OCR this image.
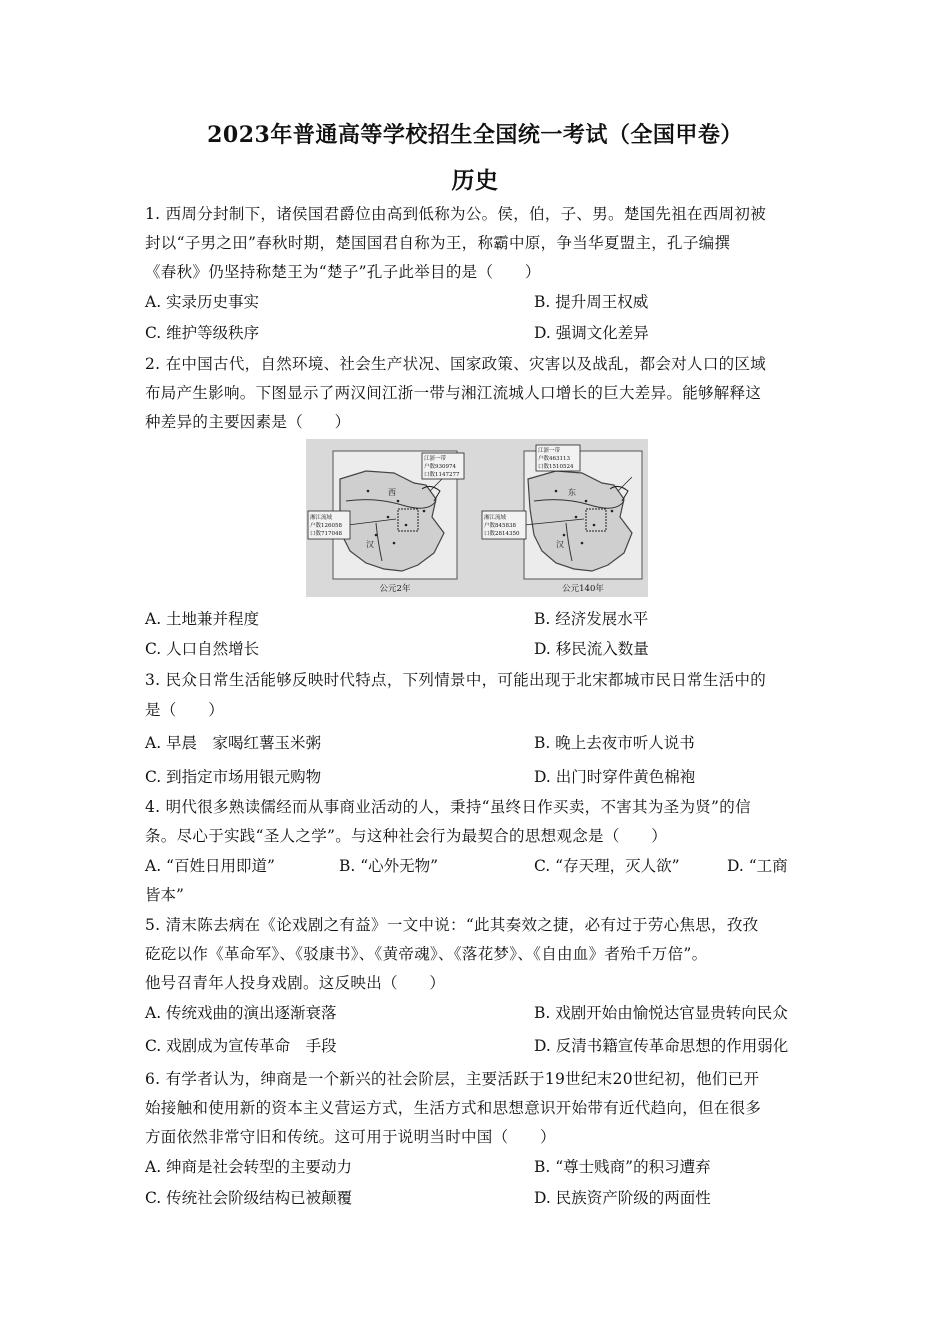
2023年普通高等学校招生全国统一考试（全国甲卷）
历史
1. 西周分封制下，诸侯国君爵位由高到低称为公。侯，伯，子、男。楚国先祖在西周初被
封以“子男之田”春秋时期，楚国国君自称为王，称霸中原，争当华夏盟主，孔子编撰
《春秋》仍坚持称楚王为“楚子”孔子此举目的是（　　）
A. 实录历史事实	B. 提升周王权威
C. 维护等级秩序	D. 强调文化差异
2. 在中国古代，自然环境、社会生产状况、国家政策、灾害以及战乱，都会对人口的区域
布局产生影响。下图显示了两汉间江浙一带与湘江流城人口增长的巨大差异。能够解释这
种差异的主要因素是（　　）
西
汉
江浙一带
户数930974
口数1147277
湘江流域
户数126058
口数717048
公元2年
东
汉
江浙一带
户数463113
口数1510524
湘江流域
户数845838
口数2814350
公元140年
A. 土地兼并程度	B. 经济发展水平
C. 人口自然增长	D. 移民流入数量
3. 民众日常生活能够反映时代特点，下列情景中，可能出现于北宋都城市民日常生活中的
是（　　）
A. 早晨　家喝红薯玉米粥	B. 晚上去夜市听人说书
C. 到指定市场用银元购物	D. 出门时穿件黄色棉袍
4. 明代很多熟读儒经而从事商业活动的人，秉持“虽终日作买卖，不害其为圣为贤”的信
条。尽心于实践“圣人之学”。与这种社会行为最契合的思想观念是（　　）
A. “百姓日用即道”	B. “心外无物”	C. “存天理，灭人欲”	D. “工商
皆本”
5. 清末陈去病在《论戏剧之有益》一文中说：“此其奏效之捷，必有过于劳心焦思，孜孜
矻矻以作《革命军》、《驳康书》、《黄帝魂》、《落花梦》、《自由血》者殆千万倍”。
他号召青年人投身戏剧。这反映出（　　）
A. 传统戏曲的演出逐渐衰落	B. 戏剧开始由愉悦达官显贵转向民众
C. 戏剧成为宣传革命　手段	D. 反清书籍宣传革命思想的作用弱化
6. 有学者认为，绅商是一个新兴的社会阶层，主要活跃于19世纪末20世纪初，他们已开
始接触和使用新的资本主义营运方式，生活方式和思想意识开始带有近代趋向，但在很多
方面依然非常守旧和传统。这可用于说明当时中国（　　）
A. 绅商是社会转型的主要动力	B. “尊士贱商”的积习遭弃
C. 传统社会阶级结构已被颠覆	D. 民族资产阶级的两面性
